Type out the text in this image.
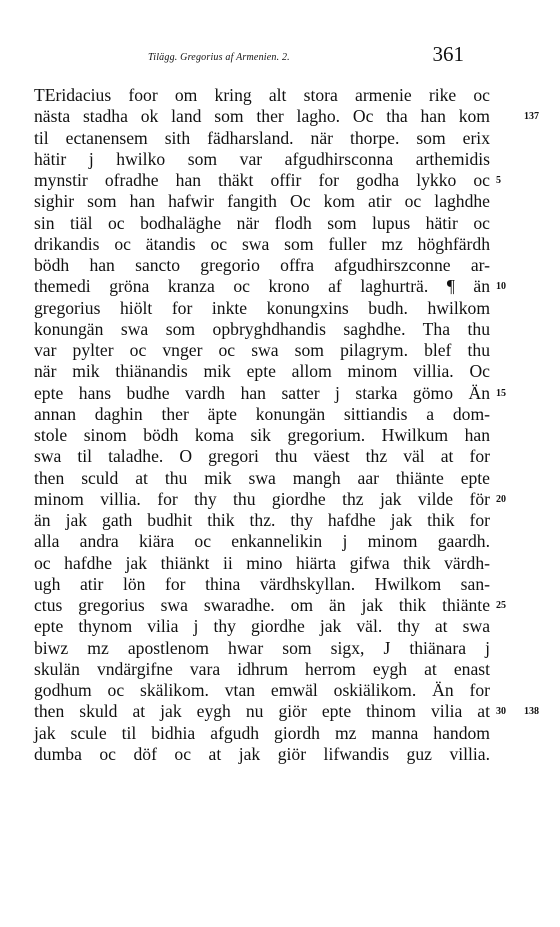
Tilägg. Gregorius af Armenien. 2.	361
TEridacius foor om kring alt stora armenie rike oc
nästa stadha ok land som ther lagho. Oc tha han kom
til ectanensem sith fädharsland. när thorpe. som erix
hätir j hwilko som var afgudhirsconna arthemidis
mynstir ofradhe han thäkt offir for godha lykko oc
sighir som han hafwir fangith Oc kom atir oc laghdhe
sin tiäl oc bodhaläghe när flodh som lupus hätir oc
drikandis oc ätandis oc swa som fuller mz höghfärdh
bödh han sancto gregorio offra afgudhirszconne ar-
themedi gröna kranza oc krono af laghurträ. ¶ än
gregorius hiölt for inkte konungxins budh. hwilkom
konungän swa som opbryghdhandis saghdhe. Tha thu
var pylter oc vnger oc swa som pilagrym. blef thu
när mik thiänandis mik epte allom minom villia. Oc
epte hans budhe vardh han satter j starka gömo Än
annan daghin ther äpte konungän sittiandis a dom-
stole sinom bödh koma sik gregorium. Hwilkum han
swa til taladhe. O gregori thu väest thz väl at for
then sculd at thu mik swa mangh aar thiänte epte
minom villia. for thy thu giordhe thz jak vilde för
än jak gath budhit thik thz. thy hafdhe jak thik for
alla andra kiära oc enkannelikin j minom gaardh.
oc hafdhe jak thiänkt ii mino hiärta gifwa thik värdh-
ugh atir lön for thina värdhskyllan. Hwilkom san-
ctus gregorius swa swaradhe. om än jak thik thiänte
epte thynom vilia j thy giordhe jak väl. thy at swa
biwz mz apostlenom hwar som sigx, J thiänara j
skulän vndärgifne vara idhrum herrom eygh at enast
godhum oc skälikom. vtan emwäl oskiälikom. Än for
then skuld at jak eygh nu giör epte thinom vilia at
jak scule til bidhia afgudh giordh mz manna handom
dumba oc döf oc at jak giör lifwandis guz villia.
137
5
10
15
20
25
30 138
